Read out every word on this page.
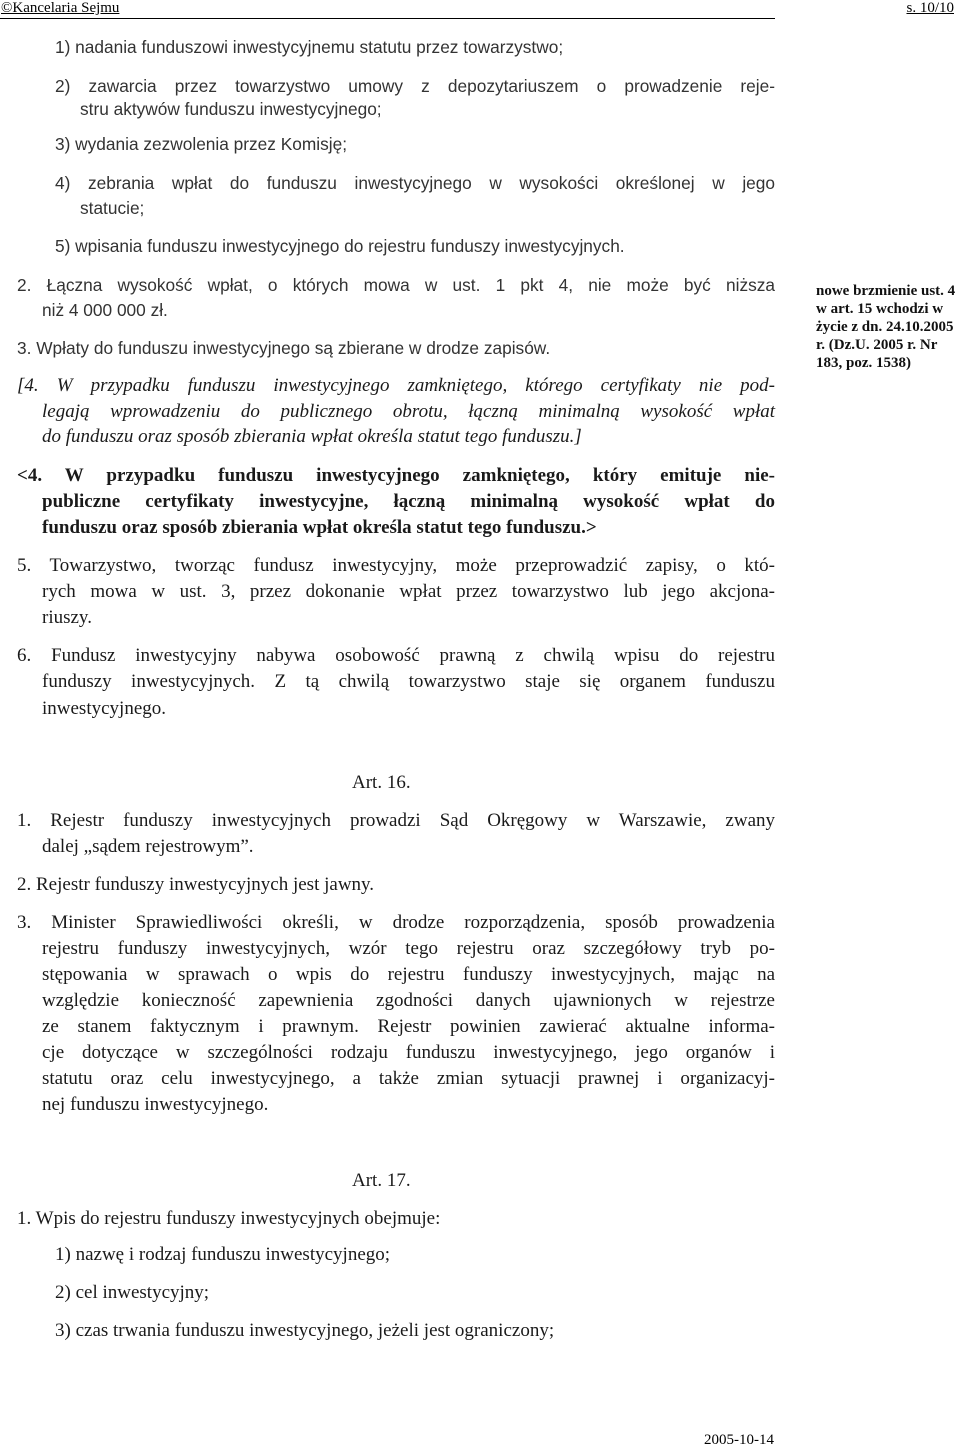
©Kancelaria Sejmu	s. 10/10
1) nadania funduszowi inwestycyjnemu statutu przez towarzystwo;
2) zawarcia przez towarzystwo umowy z depozytariuszem o prowadzenie reje-
stru aktywów funduszu inwestycyjnego;
3) wydania zezwolenia przez Komisję;
4) zebrania wpłat do funduszu inwestycyjnego w wysokości określonej w jego
statucie;
5) wpisania funduszu inwestycyjnego do rejestru funduszy inwestycyjnych.
2. Łączna wysokość wpłat, o których mowa w ust. 1 pkt 4, nie może być niższa
niż 4 000 000 zł.
3. Wpłaty do funduszu inwestycyjnego są zbierane w drodze zapisów.
[4. W przypadku funduszu inwestycyjnego zamkniętego, którego certyfikaty nie pod-
legają wprowadzeniu do publicznego obrotu, łączną minimalną wysokość wpłat
do funduszu oraz sposób zbierania wpłat określa statut tego funduszu.]
<4. W przypadku funduszu inwestycyjnego zamkniętego, który emituje nie-
publiczne certyfikaty inwestycyjne, łączną minimalną wysokość wpłat do
funduszu oraz sposób zbierania wpłat określa statut tego funduszu.>
nowe brzmienie ust. 4
w art. 15 wchodzi w
życie z dn. 24.10.2005
r. (Dz.U. 2005 r. Nr
183, poz. 1538)
5. Towarzystwo, tworząc fundusz inwestycyjny, może przeprowadzić zapisy, o któ-
rych mowa w ust. 3, przez dokonanie wpłat przez towarzystwo lub jego akcjona-
riuszy.
6. Fundusz inwestycyjny nabywa osobowość prawną z chwilą wpisu do rejestru
funduszy inwestycyjnych. Z tą chwilą towarzystwo staje się organem funduszu
inwestycyjnego.
Art. 16.
1. Rejestr funduszy inwestycyjnych prowadzi Sąd Okręgowy w Warszawie, zwany
dalej „sądem rejestrowym”.
2. Rejestr funduszy inwestycyjnych jest jawny.
3. Minister Sprawiedliwości określi, w drodze rozporządzenia, sposób prowadzenia
rejestru funduszy inwestycyjnych, wzór tego rejestru oraz szczegółowy tryb po-
stępowania w sprawach o wpis do rejestru funduszy inwestycyjnych, mając na
względzie konieczność zapewnienia zgodności danych ujawnionych w rejestrze
ze stanem faktycznym i prawnym. Rejestr powinien zawierać aktualne informa-
cje dotyczące w szczególności rodzaju funduszu inwestycyjnego, jego organów i
statutu oraz celu inwestycyjnego, a także zmian sytuacji prawnej i organizacyj-
nej funduszu inwestycyjnego.
Art. 17.
1. Wpis do rejestru funduszy inwestycyjnych obejmuje:
1) nazwę i rodzaj funduszu inwestycyjnego;
2) cel inwestycyjny;
3) czas trwania funduszu inwestycyjnego, jeżeli jest ograniczony;
2005-10-14
